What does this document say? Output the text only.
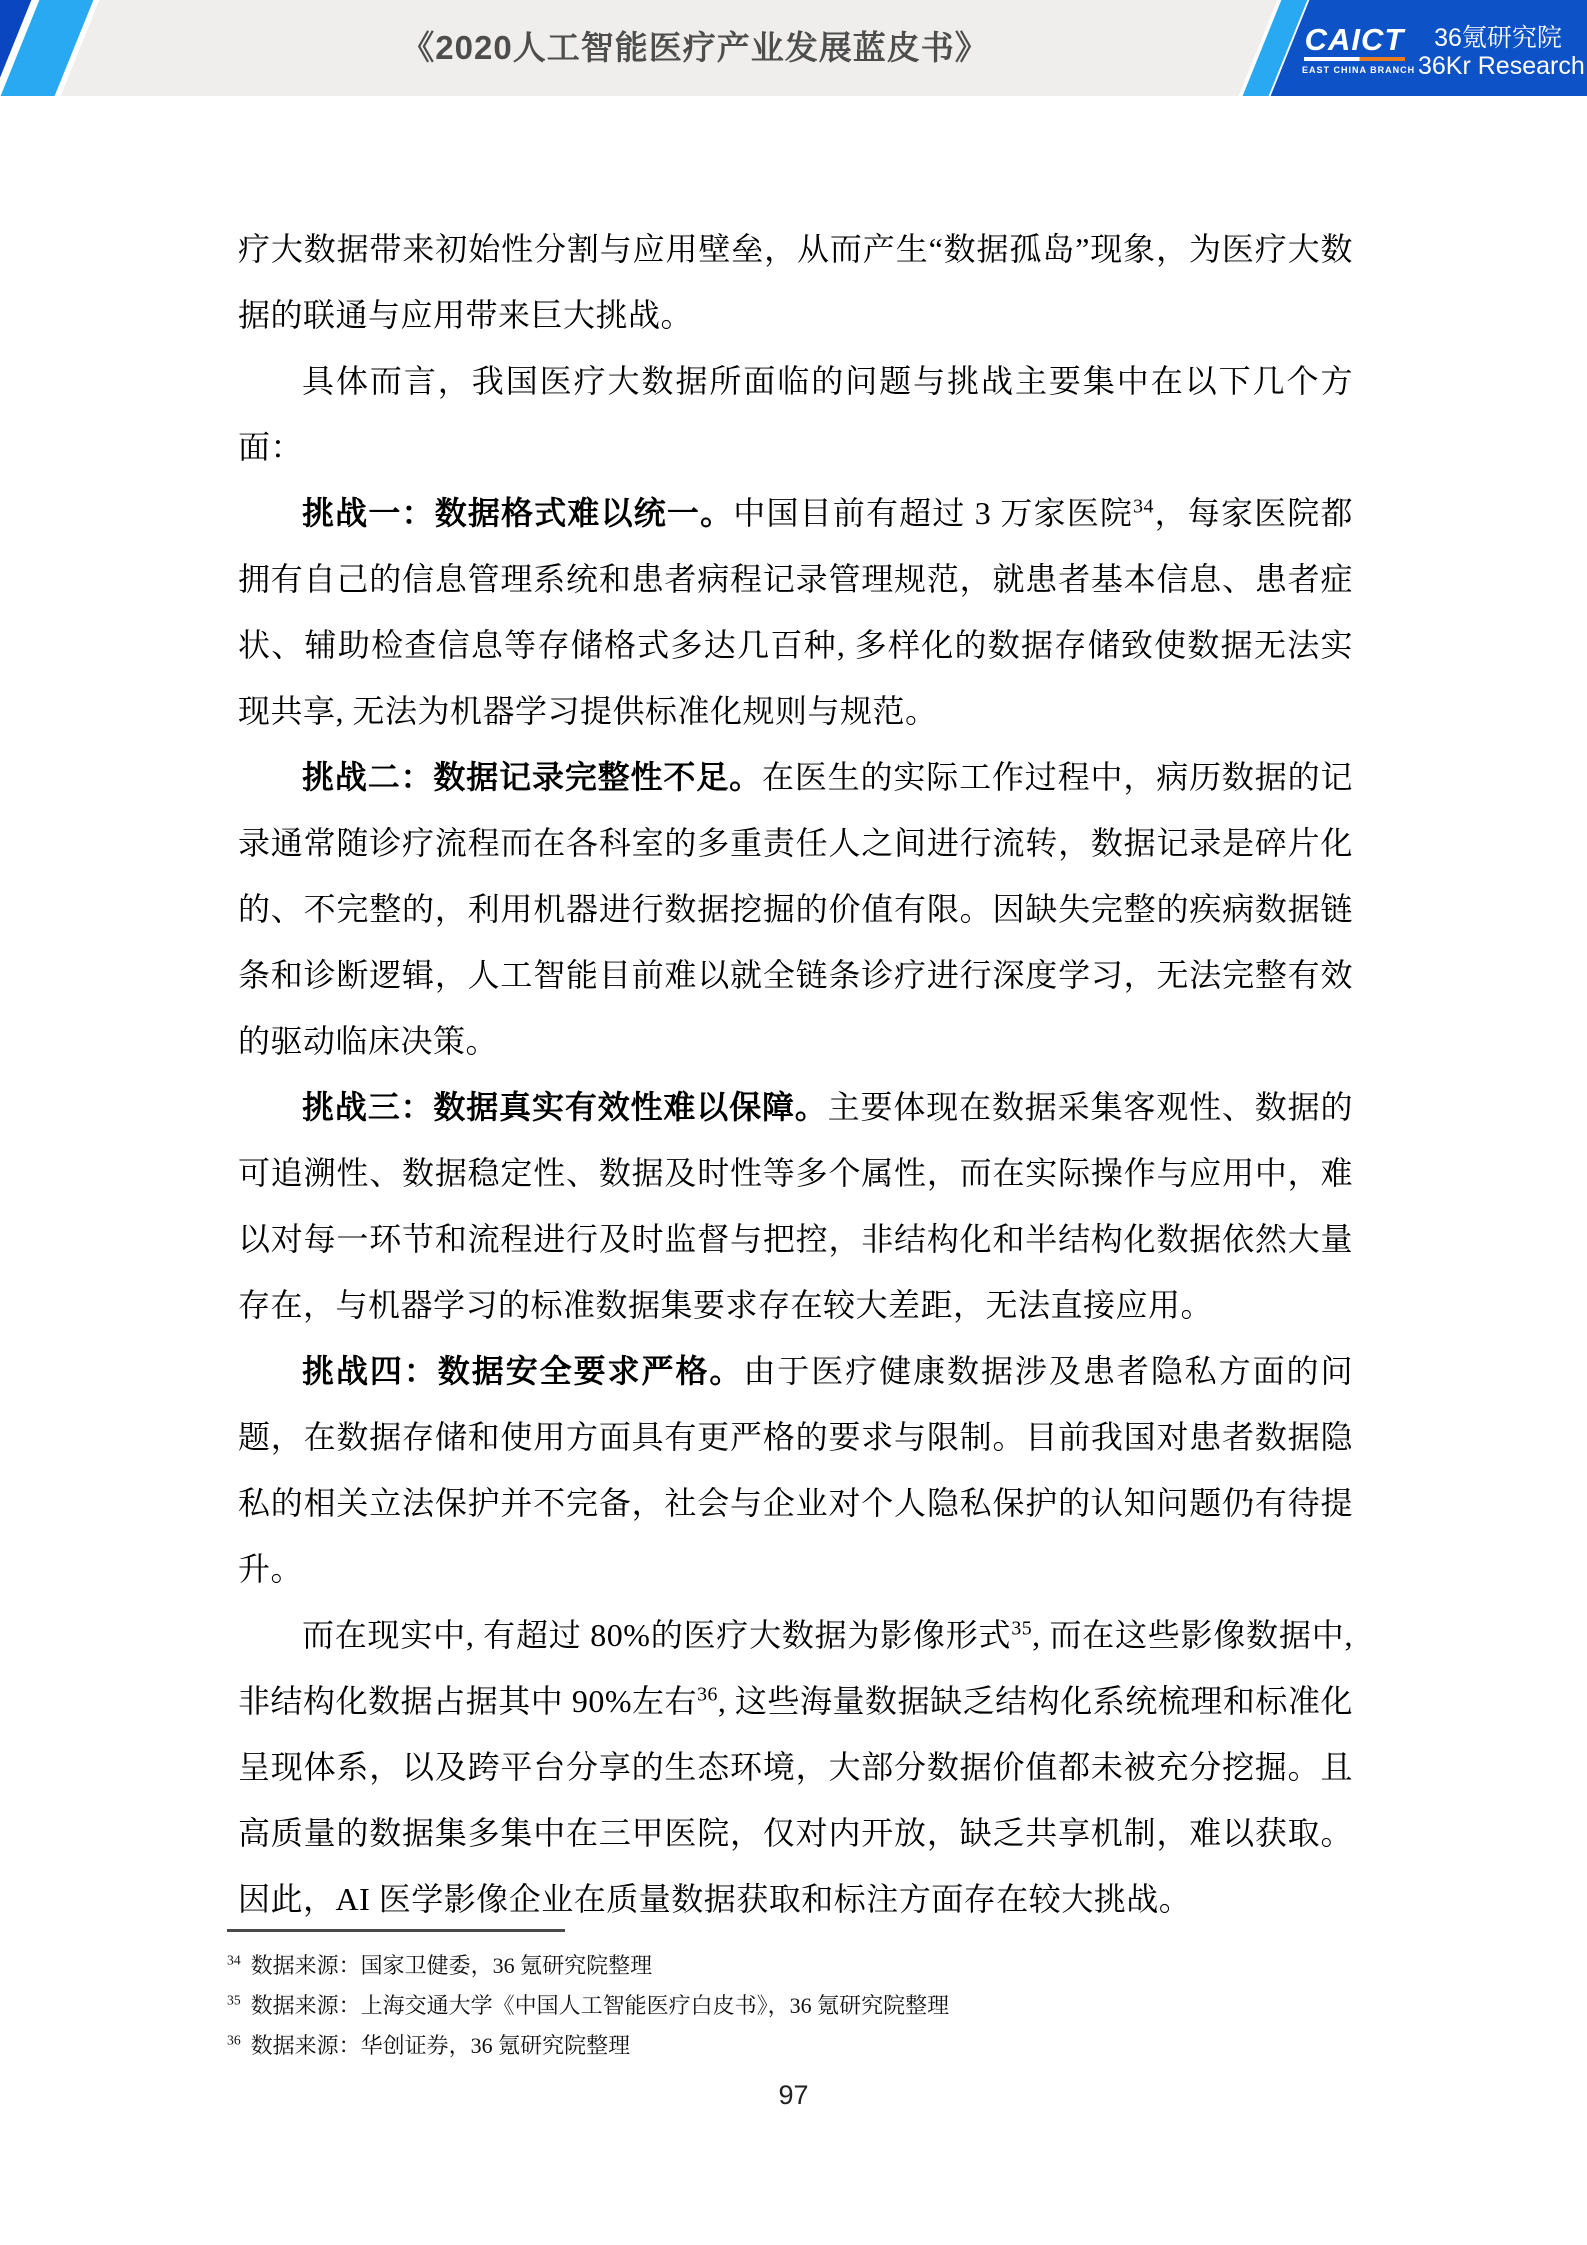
《2020人工智能医疗产业发展蓝皮书》	CAICT
EAST CHINA BRANCH
36氪研究院
36Kr Research

疗大数据带来初始性分割与应用壁垒，从而产生“数据孤岛”现象，为医疗大数据的联通与应用带来巨大挑战。

具体而言，我国医疗大数据所面临的问题与挑战主要集中在以下几个方面：

挑战一：数据格式难以统一。中国目前有超过 3 万家医院$^{34}$，每家医院都拥有自己的信息管理系统和患者病程记录管理规范，就患者基本信息、患者症状、辅助检查信息等存储格式多达几百种, 多样化的数据存储致使数据无法实现共享, 无法为机器学习提供标准化规则与规范。

挑战二：数据记录完整性不足。在医生的实际工作过程中，病历数据的记录通常随诊疗流程而在各科室的多重责任人之间进行流转，数据记录是碎片化的、不完整的，利用机器进行数据挖掘的价值有限。因缺失完整的疾病数据链条和诊断逻辑，人工智能目前难以就全链条诊疗进行深度学习，无法完整有效的驱动临床决策。

挑战三：数据真实有效性难以保障。主要体现在数据采集客观性、数据的可追溯性、数据稳定性、数据及时性等多个属性，而在实际操作与应用中，难以对每一环节和流程进行及时监督与把控，非结构化和半结构化数据依然大量存在，与机器学习的标准数据集要求存在较大差距，无法直接应用。

挑战四：数据安全要求严格。由于医疗健康数据涉及患者隐私方面的问题，在数据存储和使用方面具有更严格的要求与限制。目前我国对患者数据隐私的相关立法保护并不完备，社会与企业对个人隐私保护的认知问题仍有待提升。

而在现实中, 有超过 80%的医疗大数据为影像形式$^{35}$, 而在这些影像数据中, 非结构化数据占据其中 90%左右$^{36}$, 这些海量数据缺乏结构化系统梳理和标准化呈现体系，以及跨平台分享的生态环境，大部分数据价值都未被充分挖掘。且高质量的数据集多集中在三甲医院，仅对内开放，缺乏共享机制，难以获取。因此，AI 医学影像企业在质量数据获取和标注方面存在较大挑战。

$^{34}$ 数据来源：国家卫健委，36 氪研究院整理
$^{35}$ 数据来源：上海交通大学《中国人工智能医疗白皮书》，36 氪研究院整理
$^{36}$ 数据来源：华创证券，36 氪研究院整理
97
